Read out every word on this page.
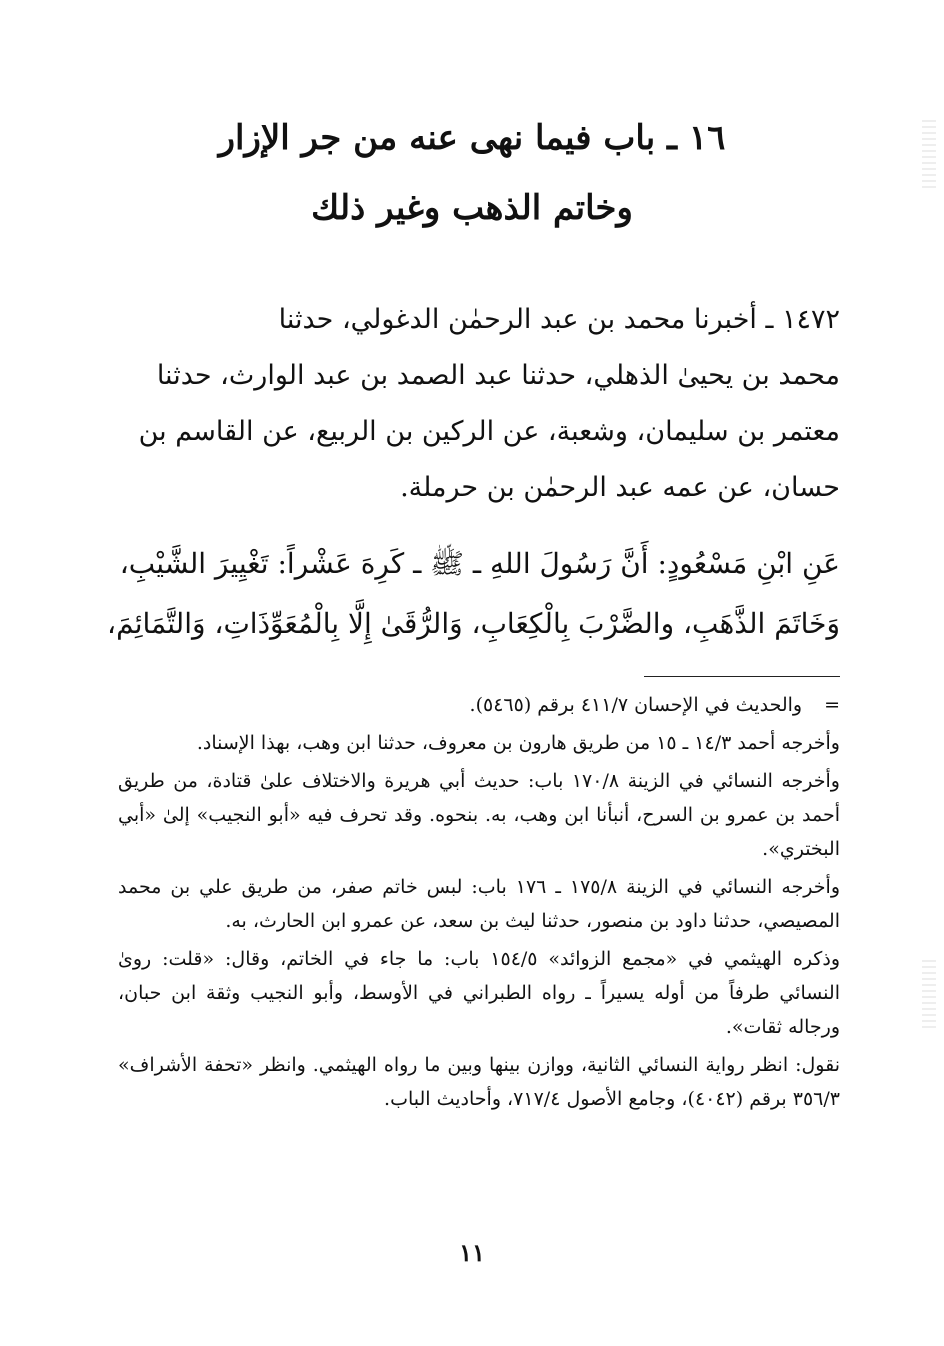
١٦ ـ باب فيما نهى عنه من جر الإزار
وخاتم الذهب وغير ذلك

١٤٧٢ ـ أخبرنا محمد بن عبد الرحمٰن الدغولي، حدثنا

محمد بن يحيىٰ الذهلي، حدثنا عبد الصمد بن عبد الوارث، حدثنا

معتمر بن سليمان، وشعبة، عن الركين بن الربيع، عن القاسم بن

حسان، عن عمه عبد الرحمٰن بن حرملة.

عَنِ ابْنِ مَسْعُودٍ: أَنَّ رَسُولَ اللهِ ـ ﷺ ـ كَرِهَ عَشْراً: تَغْيِيرَ الشَّيْبِ،
وَخَاتَمَ الذَّهَبِ، والضَّرْبَ بِالْكِعَابِ، وَالرُّقَىٰ إِلَّا بِالْمُعَوِّذَاتِ، وَالتَّمَائِمَ،

=والحديث في الإحسان ٤١١/٧ برقم (٥٤٦٥).

وأخرجه أحمد ١٤/٣ ـ ١٥ من طريق هارون بن معروف، حدثنا ابن وهب، بهذا الإسناد.

وأخرجه النسائي في الزينة ١٧٠/٨ باب: حديث أبي هريرة والاختلاف علىٰ قتادة، من طريق أحمد بن عمرو بن السرح، أنبأنا ابن وهب، به. بنحوه. وقد تحرف فيه «أبو النجيب» إلىٰ «أبي البختري».

وأخرجه النسائي في الزينة ١٧٥/٨ ـ ١٧٦ باب: لبس خاتم صفر، من طريق علي بن محمد المصيصي، حدثنا داود بن منصور، حدثنا ليث بن سعد، عن عمرو ابن الحارث، به.

وذكره الهيثمي في «مجمع الزوائد» ١٥٤/٥ باب: ما جاء في الخاتم، وقال: «قلت: روىٰ النسائي طرفاً من أوله يسيراً ـ رواه الطبراني في الأوسط، وأبو النجيب وثقة ابن حبان، ورجاله ثقات».

نقول: انظر رواية النسائي الثانية، ووازن بينها وبين ما رواه الهيثمي. وانظر «تحفة الأشراف» ٣٥٦/٣ برقم (٤٠٤٢)، وجامع الأصول ٧١٧/٤، وأحاديث الباب.

١١
